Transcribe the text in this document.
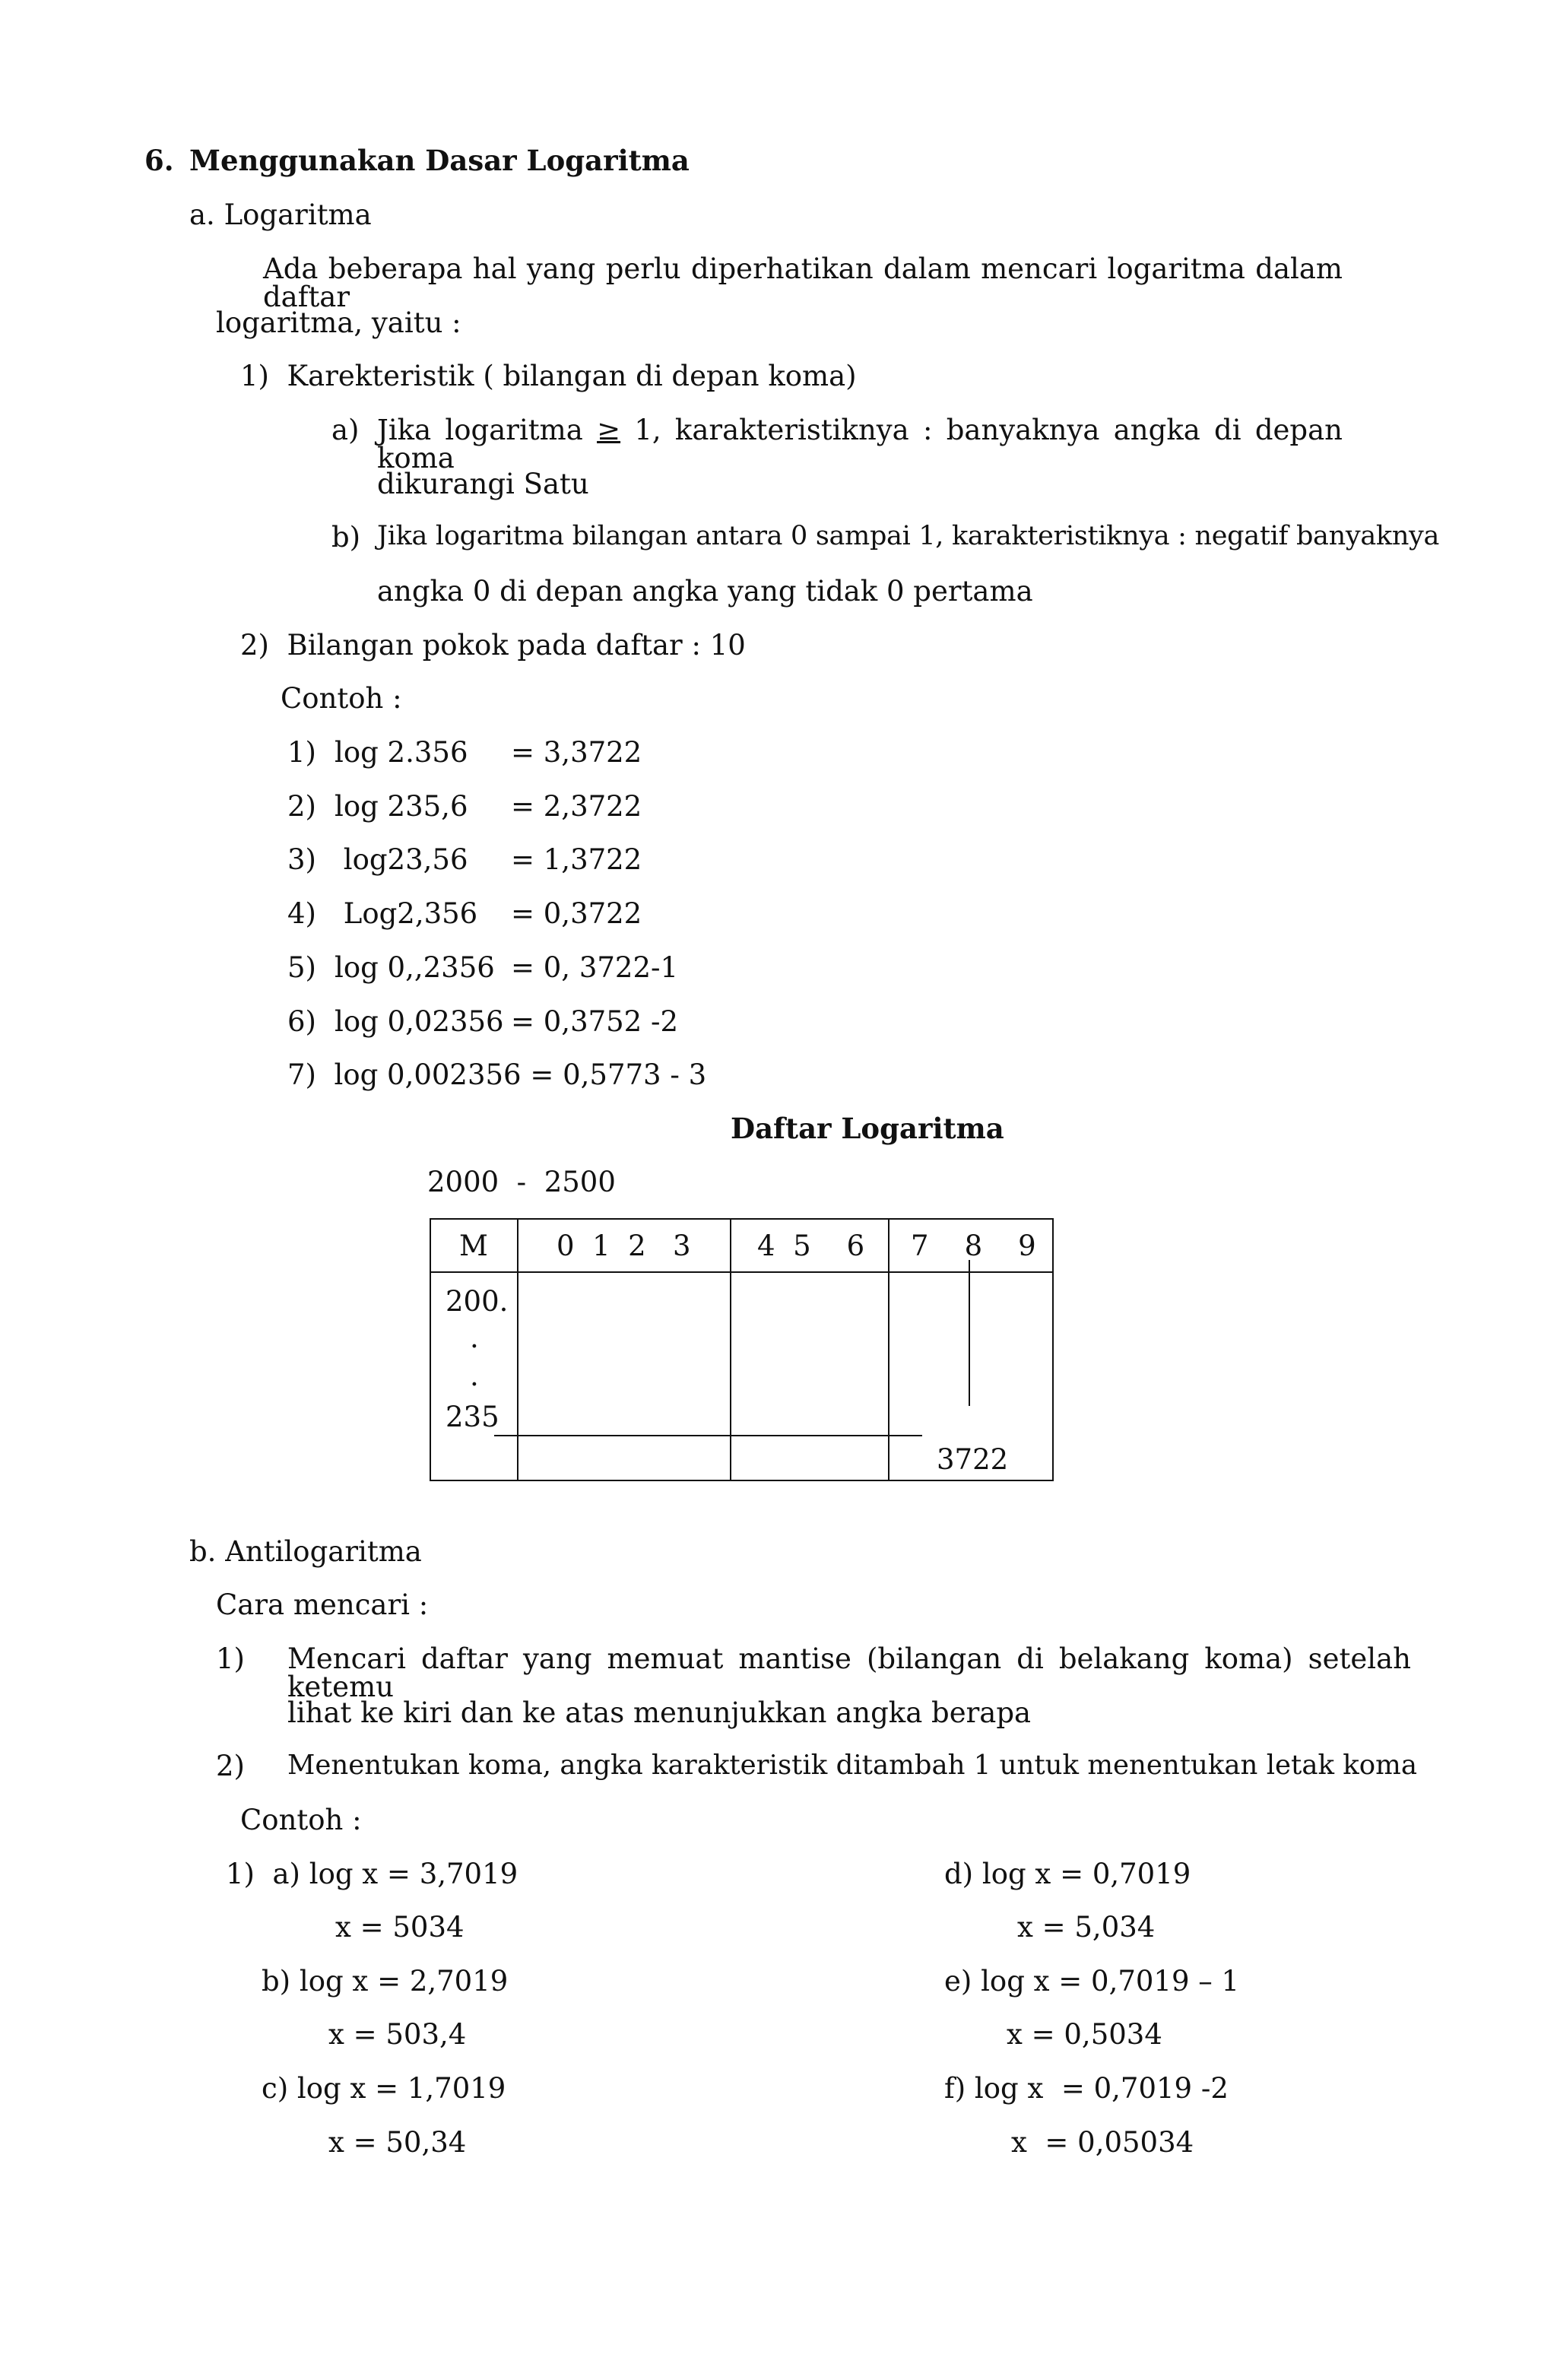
6. Menggunakan Dasar Logaritma
a. Logaritma
Ada beberapa hal yang perlu diperhatikan dalam mencari logaritma dalam daftar
logaritma, yaitu :
1)  Karekteristik ( bilangan di depan koma)
a) Jika logaritma ≥ 1, karakteristiknya : banyaknya angka di depan koma
dikurangi Satu
b) Jika logaritma bilangan antara 0 sampai 1, karakteristiknya : negatif banyaknya
angka 0 di depan angka yang tidak 0 pertama
2)  Bilangan pokok pada daftar : 10
Contoh :
1) log 2.356 = 3,3722
2) log 235,6 = 2,3722
3) log23,56 = 1,3722
4) Log2,356 = 0,3722
5) log 0,,2356 = 0, 3722-1
6) log 0,02356 = 0,3752 -2
7)  log 0,002356 = 0,5773 - 3
Daftar Logaritma
2000  -  2500
M 0  1  2   3 4  5    6 7    8    9
200.
.
.
235
3722
b. Antilogaritma
Cara mencari :
1) Mencari daftar yang memuat mantise (bilangan di belakang koma) setelah ketemu
lihat ke kiri dan ke atas menunjukkan angka berapa
2) Menentukan koma, angka karakteristik ditambah 1 untuk menentukan letak koma
Contoh :
1)  a) log x = 3,7019
x = 5034
b) log x = 2,7019
x = 503,4
c) log x = 1,7019
x = 50,34
d) log x = 0,7019
x = 5,034
e) log x = 0,7019 – 1
x = 0,5034
f) log x  = 0,7019 -2
x  = 0,05034
